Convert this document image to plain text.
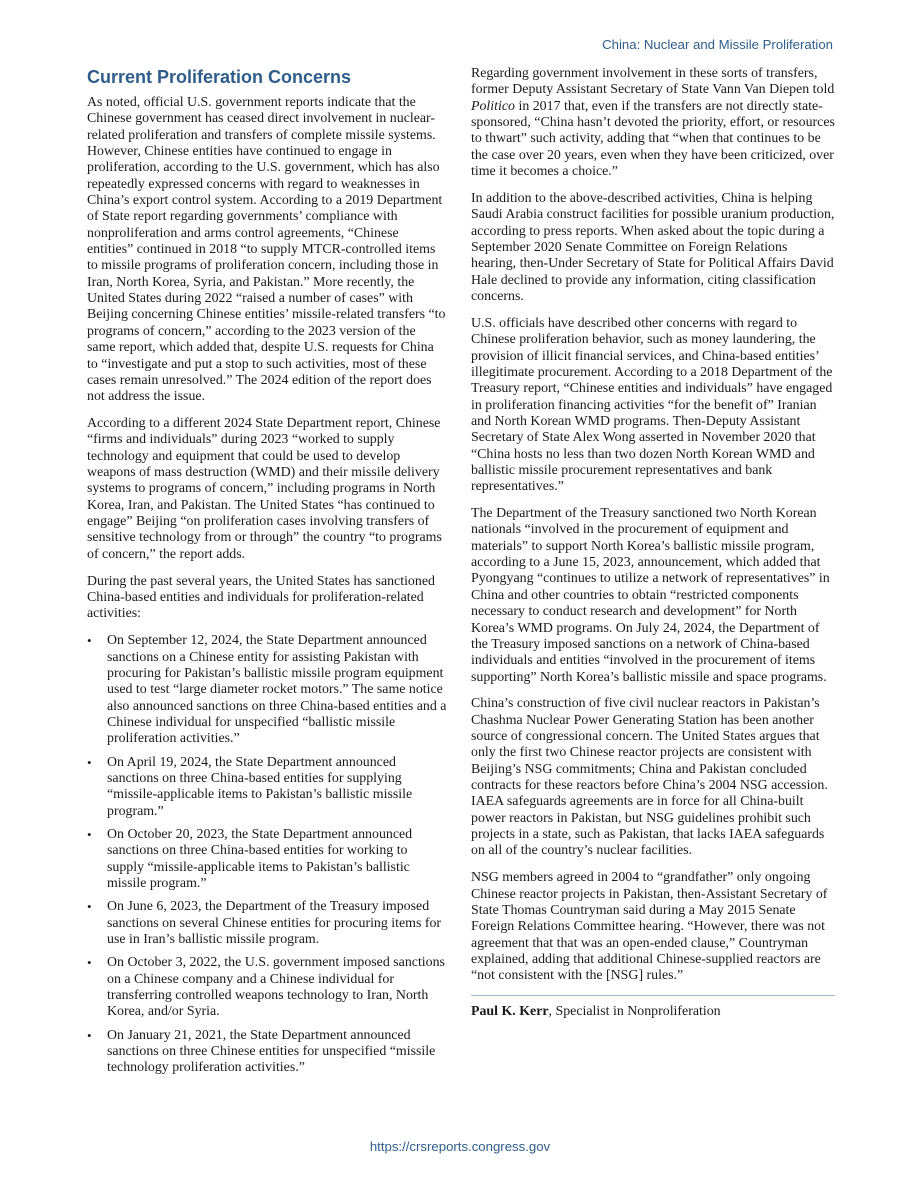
China: Nuclear and Missile Proliferation
Current Proliferation Concerns

As noted, official U.S. government reports indicate that the Chinese government has ceased direct involvement in nuclear-related proliferation and transfers of complete missile systems. However, Chinese entities have continued to engage in proliferation, according to the U.S. government, which has also repeatedly expressed concerns with regard to weaknesses in China’s export control system. According to a 2019 Department of State report regarding governments’ compliance with nonproliferation and arms control agreements, “Chinese entities” continued in 2018 “to supply MTCR-controlled items to missile programs of proliferation concern, including those in Iran, North Korea, Syria, and Pakistan.” More recently, the United States during 2022 “raised a number of cases” with Beijing concerning Chinese entities’ missile-related transfers “to programs of concern,” according to the 2023 version of the same report, which added that, despite U.S. requests for China to “investigate and put a stop to such activities, most of these cases remain unresolved.” The 2024 edition of the report does not address the issue.

According to a different 2024 State Department report, Chinese “firms and individuals” during 2023 “worked to supply technology and equipment that could be used to develop weapons of mass destruction (WMD) and their missile delivery systems to programs of concern,” including programs in North Korea, Iran, and Pakistan. The United States “has continued to engage” Beijing “on proliferation cases involving transfers of sensitive technology from or through” the country “to programs of concern,” the report adds.

During the past several years, the United States has sanctioned China-based entities and individuals for proliferation-related activities:

• On September 12, 2024, the State Department announced sanctions on a Chinese entity for assisting Pakistan with procuring for Pakistan’s ballistic missile program equipment used to test “large diameter rocket motors.” The same notice also announced sanctions on three China-based entities and a Chinese individual for unspecified “ballistic missile proliferation activities.”
• On April 19, 2024, the State Department announced sanctions on three China-based entities for supplying “missile-applicable items to Pakistan’s ballistic missile program.”
• On October 20, 2023, the State Department announced sanctions on three China-based entities for working to supply “missile-applicable items to Pakistan’s ballistic missile program.”
• On June 6, 2023, the Department of the Treasury imposed sanctions on several Chinese entities for procuring items for use in Iran’s ballistic missile program.
• On October 3, 2022, the U.S. government imposed sanctions on a Chinese company and a Chinese individual for transferring controlled weapons technology to Iran, North Korea, and/or Syria.
• On January 21, 2021, the State Department announced sanctions on three Chinese entities for unspecified “missile technology proliferation activities.”

Regarding government involvement in these sorts of transfers, former Deputy Assistant Secretary of State Vann Van Diepen told Politico in 2017 that, even if the transfers are not directly state-sponsored, “China hasn’t devoted the priority, effort, or resources to thwart” such activity, adding that “when that continues to be the case over 20 years, even when they have been criticized, over time it becomes a choice.”

In addition to the above-described activities, China is helping Saudi Arabia construct facilities for possible uranium production, according to press reports. When asked about the topic during a September 2020 Senate Committee on Foreign Relations hearing, then-Under Secretary of State for Political Affairs David Hale declined to provide any information, citing classification concerns.

U.S. officials have described other concerns with regard to Chinese proliferation behavior, such as money laundering, the provision of illicit financial services, and China-based entities’ illegitimate procurement. According to a 2018 Department of the Treasury report, “Chinese entities and individuals” have engaged in proliferation financing activities “for the benefit of” Iranian and North Korean WMD programs. Then-Deputy Assistant Secretary of State Alex Wong asserted in November 2020 that “China hosts no less than two dozen North Korean WMD and ballistic missile procurement representatives and bank representatives.”

The Department of the Treasury sanctioned two North Korean nationals “involved in the procurement of equipment and materials” to support North Korea’s ballistic missile program, according to a June 15, 2023, announcement, which added that Pyongyang “continues to utilize a network of representatives” in China and other countries to obtain “restricted components necessary to conduct research and development” for North Korea’s WMD programs. On July 24, 2024, the Department of the Treasury imposed sanctions on a network of China-based individuals and entities “involved in the procurement of items supporting” North Korea’s ballistic missile and space programs.

China’s construction of five civil nuclear reactors in Pakistan’s Chashma Nuclear Power Generating Station has been another source of congressional concern. The United States argues that only the first two Chinese reactor projects are consistent with Beijing’s NSG commitments; China and Pakistan concluded contracts for these reactors before China’s 2004 NSG accession. IAEA safeguards agreements are in force for all China-built power reactors in Pakistan, but NSG guidelines prohibit such projects in a state, such as Pakistan, that lacks IAEA safeguards on all of the country’s nuclear facilities.

NSG members agreed in 2004 to “grandfather” only ongoing Chinese reactor projects in Pakistan, then-Assistant Secretary of State Thomas Countryman said during a May 2015 Senate Foreign Relations Committee hearing. “However, there was not agreement that that was an open-ended clause,” Countryman explained, adding that additional Chinese-supplied reactors are “not consistent with the [NSG] rules.”

Paul K. Kerr, Specialist in Nonproliferation
https://crsreports.congress.gov
